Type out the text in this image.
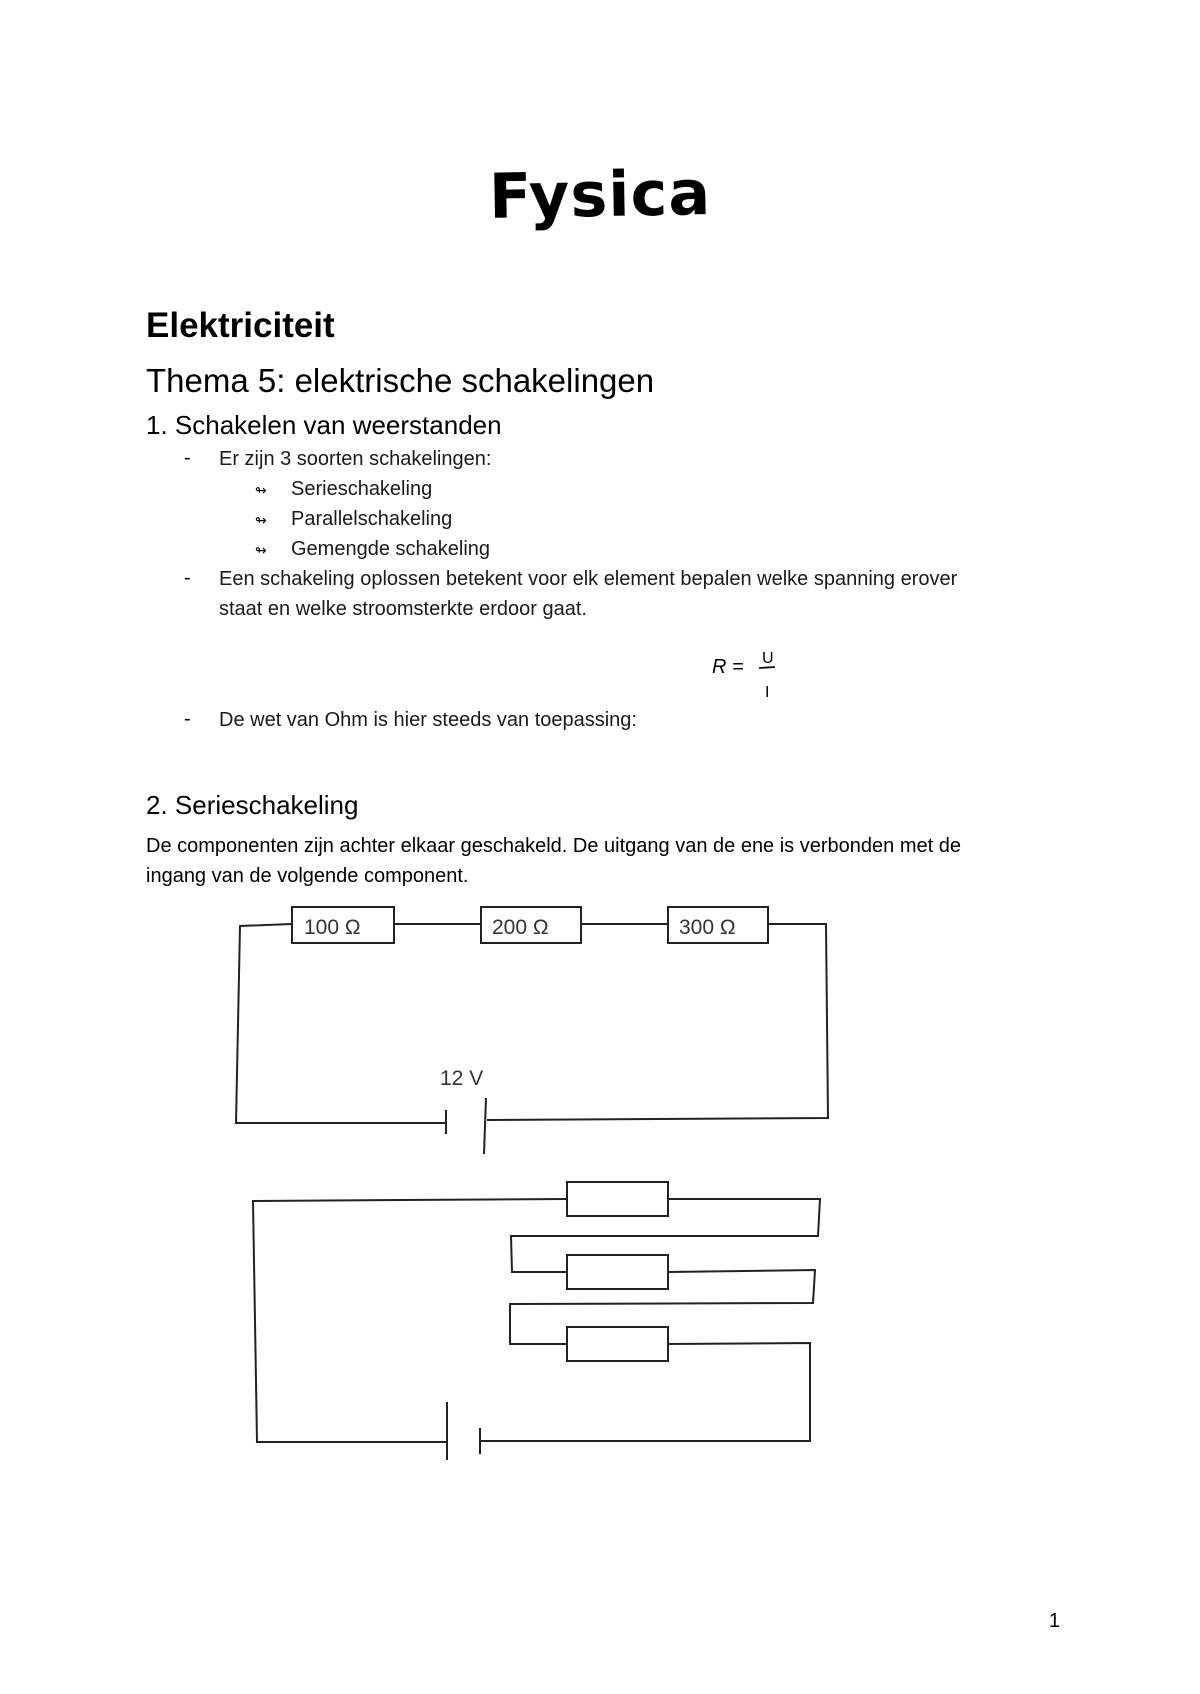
Fysica
Elektriciteit
Thema 5: elektrische schakelingen
1. Schakelen van weerstanden
- Er zijn 3 soorten schakelingen:
↬ Serieschakeling
↬ Parallelschakeling
↬ Gemengde schakeling
- Een schakeling oplossen betekent voor elk element bepalen welke spanning erover
staat en welke stroomsterkte erdoor gaat.
R = U
I
- De wet van Ohm is hier steeds van toepassing:
2. Serieschakeling
De componenten zijn achter elkaar geschakeld. De uitgang van de ene is verbonden met de
ingang van de volgende component.
100 Ω	200 Ω	300 Ω
12 V
1
